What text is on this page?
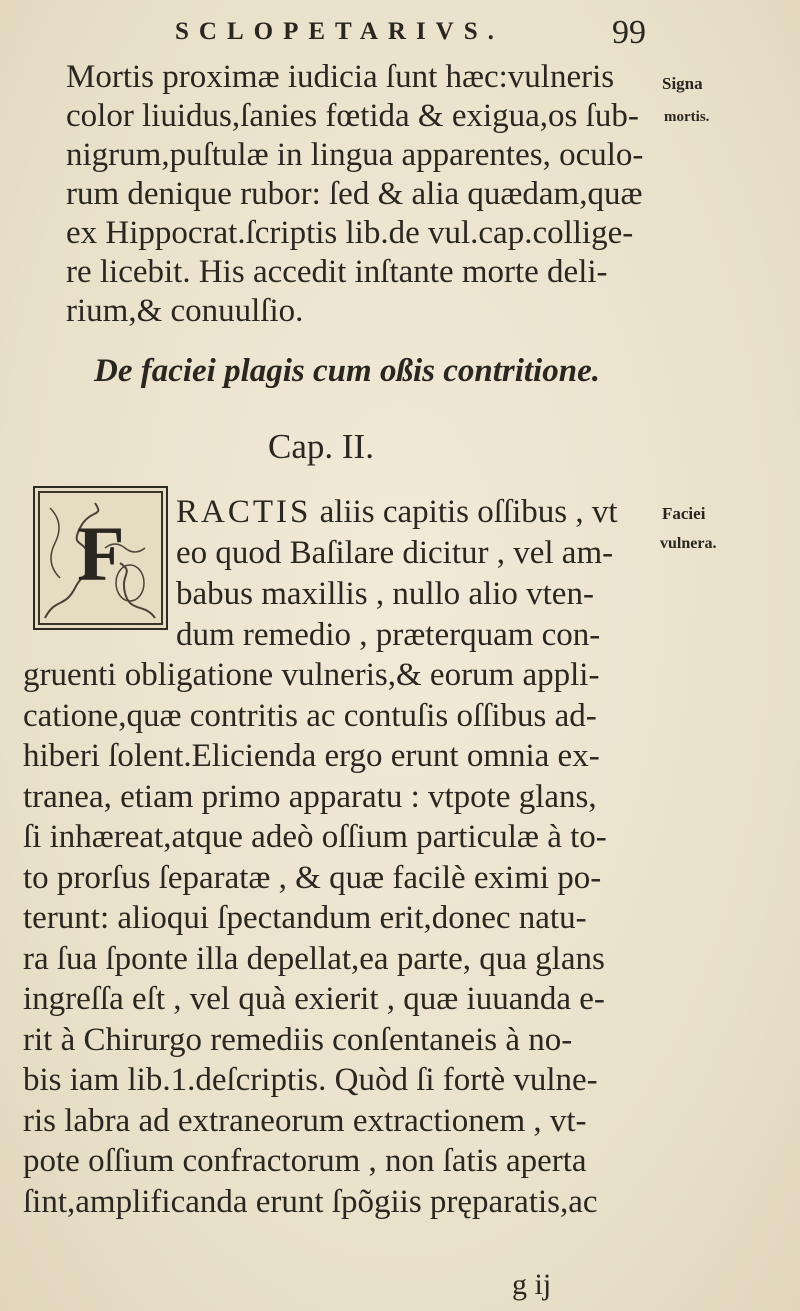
SCLOPETARIVS.	99
Mortis proximæ iudicia ſunt hæc:vulneris
color liuidus,ſanies fœtida & exigua,os ſub-
nigrum,puſtulæ in lingua apparentes, oculo-
rum denique rubor: ſed & alia quædam,quæ
ex Hippocrat.ſcriptis lib.de vul.cap.collige-
re licebit. His accedit inſtante morte deli-
rium,& conuulſio.
Signa
mortis.
De faciei plagis cum oßis contritione.
Cap. II.
F RACTIS aliis capitis oſſibus , vt
eo quod Baſilare dicitur , vel am-
babus maxillis , nullo alio vten-
dum remedio , præterquam con-
Faciei
vulnera.
gruenti obligatione vulneris,& eorum appli-
catione,quæ contritis ac contuſis oſſibus ad-
hiberi ſolent.Elicienda ergo erunt omnia ex-
tranea, etiam primo apparatu : vtpote glans,
ſi inhæreat,atque adeò oſſium particulæ à to-
to prorſus ſeparatæ , & quæ facilè eximi po-
terunt: alioqui ſpectandum erit,donec natu-
ra ſua ſponte illa depellat,ea parte, qua glans
ingreſſa eſt , vel quà exierit , quæ iuuanda e-
rit à Chirurgo remediis conſentaneis à no-
bis iam lib.1.deſcriptis. Quòd ſi fortè vulne-
ris labra ad extraneorum extractionem , vt-
pote oſſium confractorum , non ſatis aperta
ſint,amplificanda erunt ſpõgiis pręparatis,ac
g ij
